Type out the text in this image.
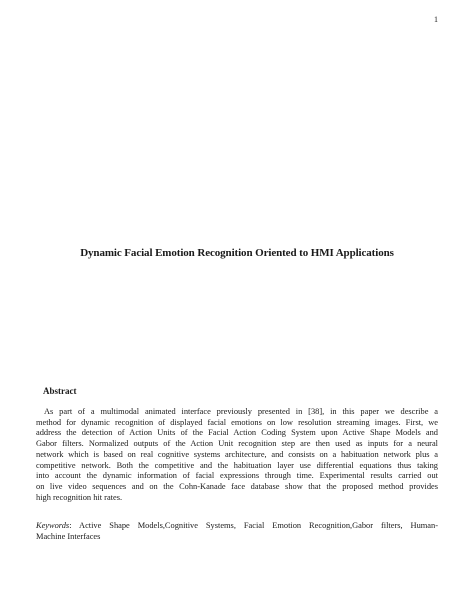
1
Dynamic Facial Emotion Recognition Oriented to HMI Applications
Abstract
As part of a multimodal animated interface previously presented in [38], in this paper we describe a
method for dynamic recognition of displayed facial emotions on low resolution streaming images. First, we
address the detection of Action Units of the Facial Action Coding System upon Active Shape Models and
Gabor filters. Normalized outputs of the Action Unit recognition step are then used as inputs for a neural
network which is based on real cognitive systems architecture, and consists on a habituation network plus a
competitive network. Both the competitive and the habituation layer use differential equations thus taking
into account the dynamic information of facial expressions through time. Experimental results carried out
on live video sequences and on the Cohn-Kanade face database show that the proposed method provides
high recognition hit rates.
Keywords: Active Shape Models,Cognitive Systems, Facial Emotion Recognition,Gabor filters, Human-
Machine Interfaces
